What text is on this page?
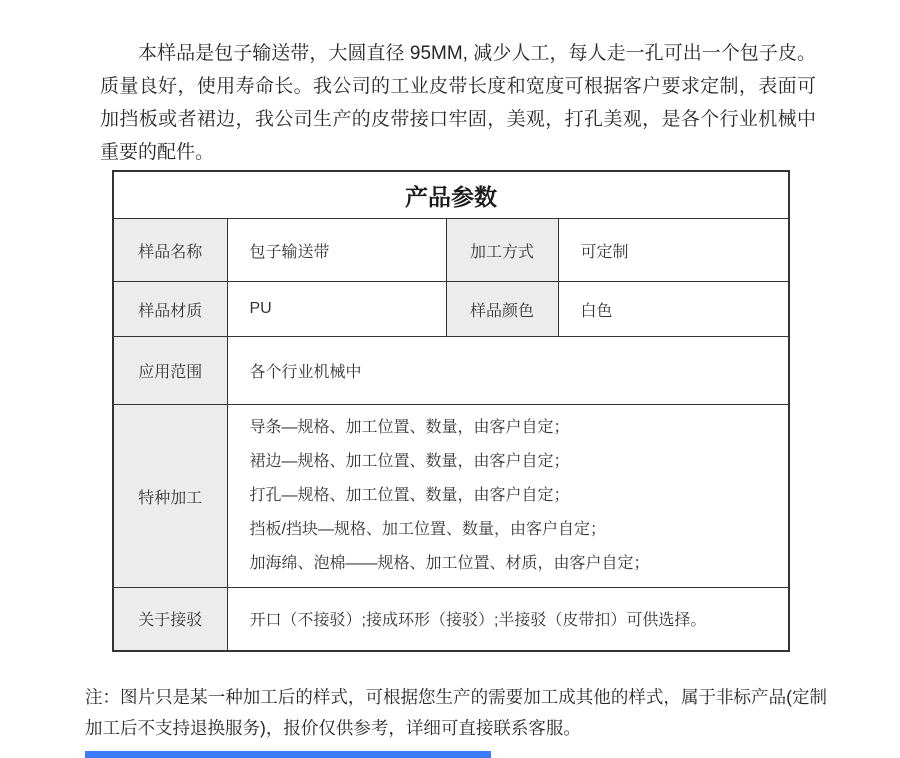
本样品是包子输送带，大圆直径 95MM, 减少人工，每人走一孔可出一个包子皮。质量良好，使用寿命长。我公司的工业皮带长度和宽度可根据客户要求定制，表面可加挡板或者裙边，我公司生产的皮带接口牢固，美观，打孔美观，是各个行业机械中重要的配件。

产品参数			
样品名称	包子输送带	加工方式	可定制
样品材质	PU	样品颜色	白色
应用范围	各个行业机械中		
特种加工	导条—规格、加工位置、数量，由客户自定；
裙边—规格、加工位置、数量，由客户自定；
打孔—规格、加工位置、数量，由客户自定；
挡板/挡块—规格、加工位置、数量，由客户自定；
加海绵、泡棉——规格、加工位置、材质，由客户自定；		

关于接驳	开口（不接驳）;接成环形（接驳）;半接驳（皮带扣）可供选择。		

注：图片只是某一种加工后的样式，可根据您生产的需要加工成其他的样式，属于非标产品(定制加工后不支持退换服务)，报价仅供参考，详细可直接联系客服。
